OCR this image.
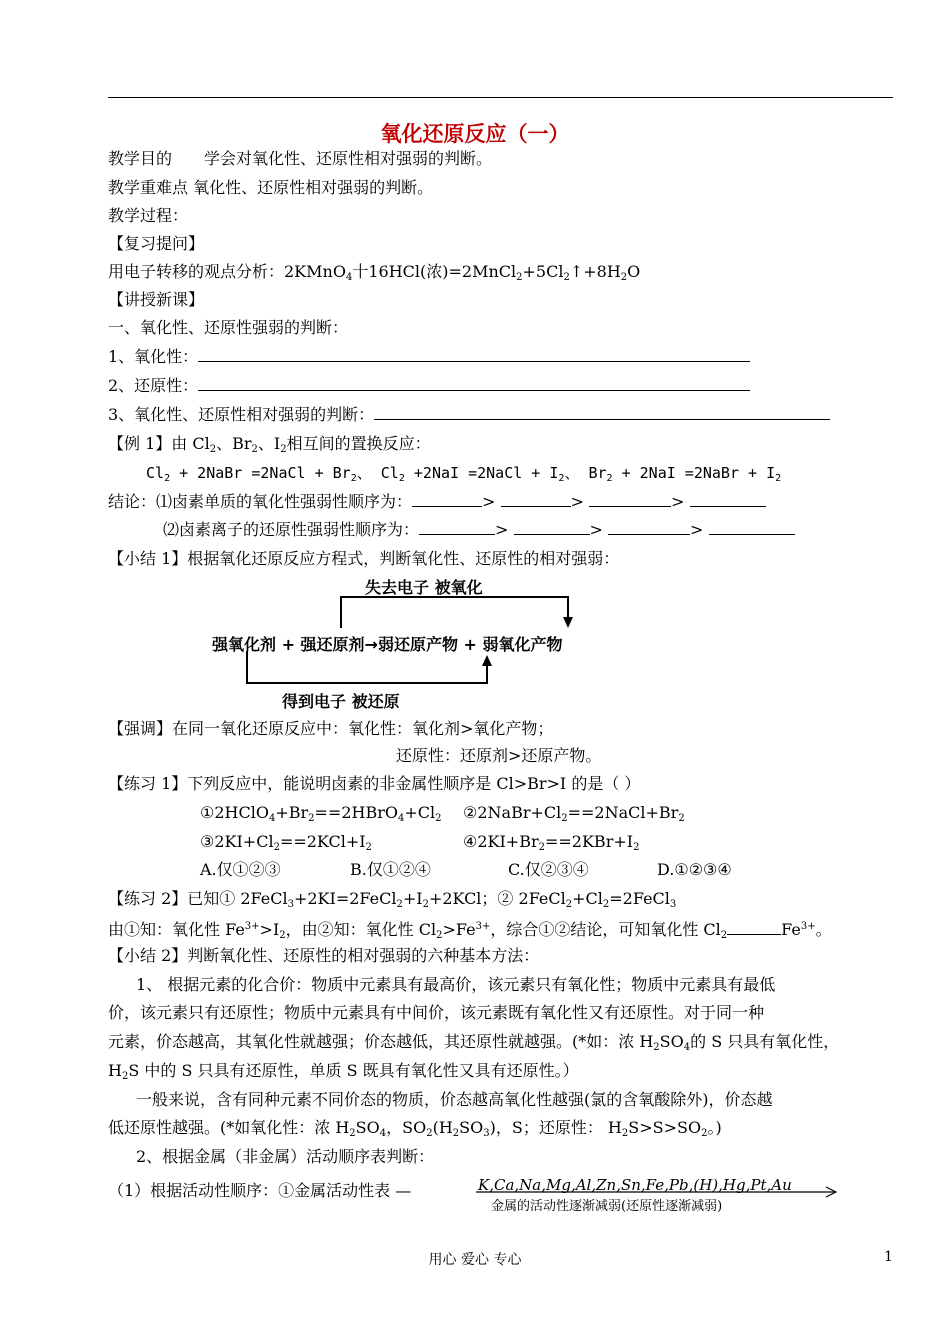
氧化还原反应（一）
教学目的　　 学会对氧化性、还原性相对强弱的判断。
教学重难点 氧化性、还原性相对强弱的判断。
教学过程：
【复习提问】
用电子转移的观点分析：2KMnO$_4$十16HCl(浓)$=2MnCl_2+5Cl_2↑+8H_2O$
【讲授新课】
一、氧化性、还原性强弱的判断：
1、氧化性：
2、还原性：
3、氧化性、还原性相对强弱的判断：
【例 1】由 $Cl_2$、$Br_2$、$I_2$相互间的置换反应：
$Cl_2$ + 2NaBr =2NaCl + $Br_2$、 $Cl_2 +2NaI$ =2NaCl + $I_2$、 $Br_2 + 2NaI$ =2NaBr + $I_2$
结论：⑴卤素单质的氧化性强弱性顺序为：	>	>	>
⑵卤素离子的还原性强弱性顺序为：	>	>	>
【小结 1】根据氧化还原反应方程式，判断氧化性、还原性的相对强弱：
失去电子 被氧化
强氧化剂 + 强还原剂→弱还原产物 + 弱氧化产物
得到电子 被还原
【强调】在同一氧化还原反应中：氧化性：氧化剂>氧化产物；
还原性：还原剂>还原产物。
【练习 1】下列反应中，能说明卤素的非金属性顺序是 Cl>Br>I 的是（ ）
$①2HClO_4+Br_2==2HBrO_4+Cl_2$ $②2NaBr+Cl_2==2NaCl+Br_2$
$③2KI+Cl_2==2KCl+I_2$	$④2KI+Br_2==2KBr+I_2$
A.仅①②③	B.仅①②④	C.仅②③④	D.①②③④
【练习 2】已知① $2FeCl_3+2KI=2FeCl_2+I_2+2KCl$；② $2FeCl_2+Cl_2=2FeCl_3$
由①知：氧化性 $Fe^{3+}>I_2$，由②知：氧化性 $Cl_2>Fe^{3+}$，综合①②结论，可知氧化性 $Cl_2$	$Fe^{3+}$。
【小结 2】判断氧化性、还原性的相对强弱的六种基本方法：
1、 根据元素的化合价：物质中元素具有最高价，该元素只有氧化性；物质中元素具有最低
价，该元素只有还原性；物质中元素具有中间价，该元素既有氧化性又有还原性。对于同一种
元素，价态越高，其氧化性就越强；价态越低，其还原性就越强。(*如：浓 $H_2SO_4$的 S 只具有氧化性，
$H_2S$ 中的 S 只具有还原性，单质 S 既具有氧化性又具有还原性。）
一般来说，含有同种元素不同价态的物质，价态越高氧化性越强(氯的含氧酸除外)，价态越
低还原性越强。(*如氧化性：浓 $H_2SO_4$，$SO_2(H_2SO_3)$，S；还原性： $H_2S>S>SO_2$。)
2、根据金属（非金属）活动顺序表判断：
（1）根据活动性顺序：①金属活动性表 —	K,Ca,Na,Mg,Al,Zn,Sn,Fe,Pb,(H),Hg,Pt,Au
金属的活动性逐渐减弱(还原性逐渐减弱)
用心 爱心 专心	1
